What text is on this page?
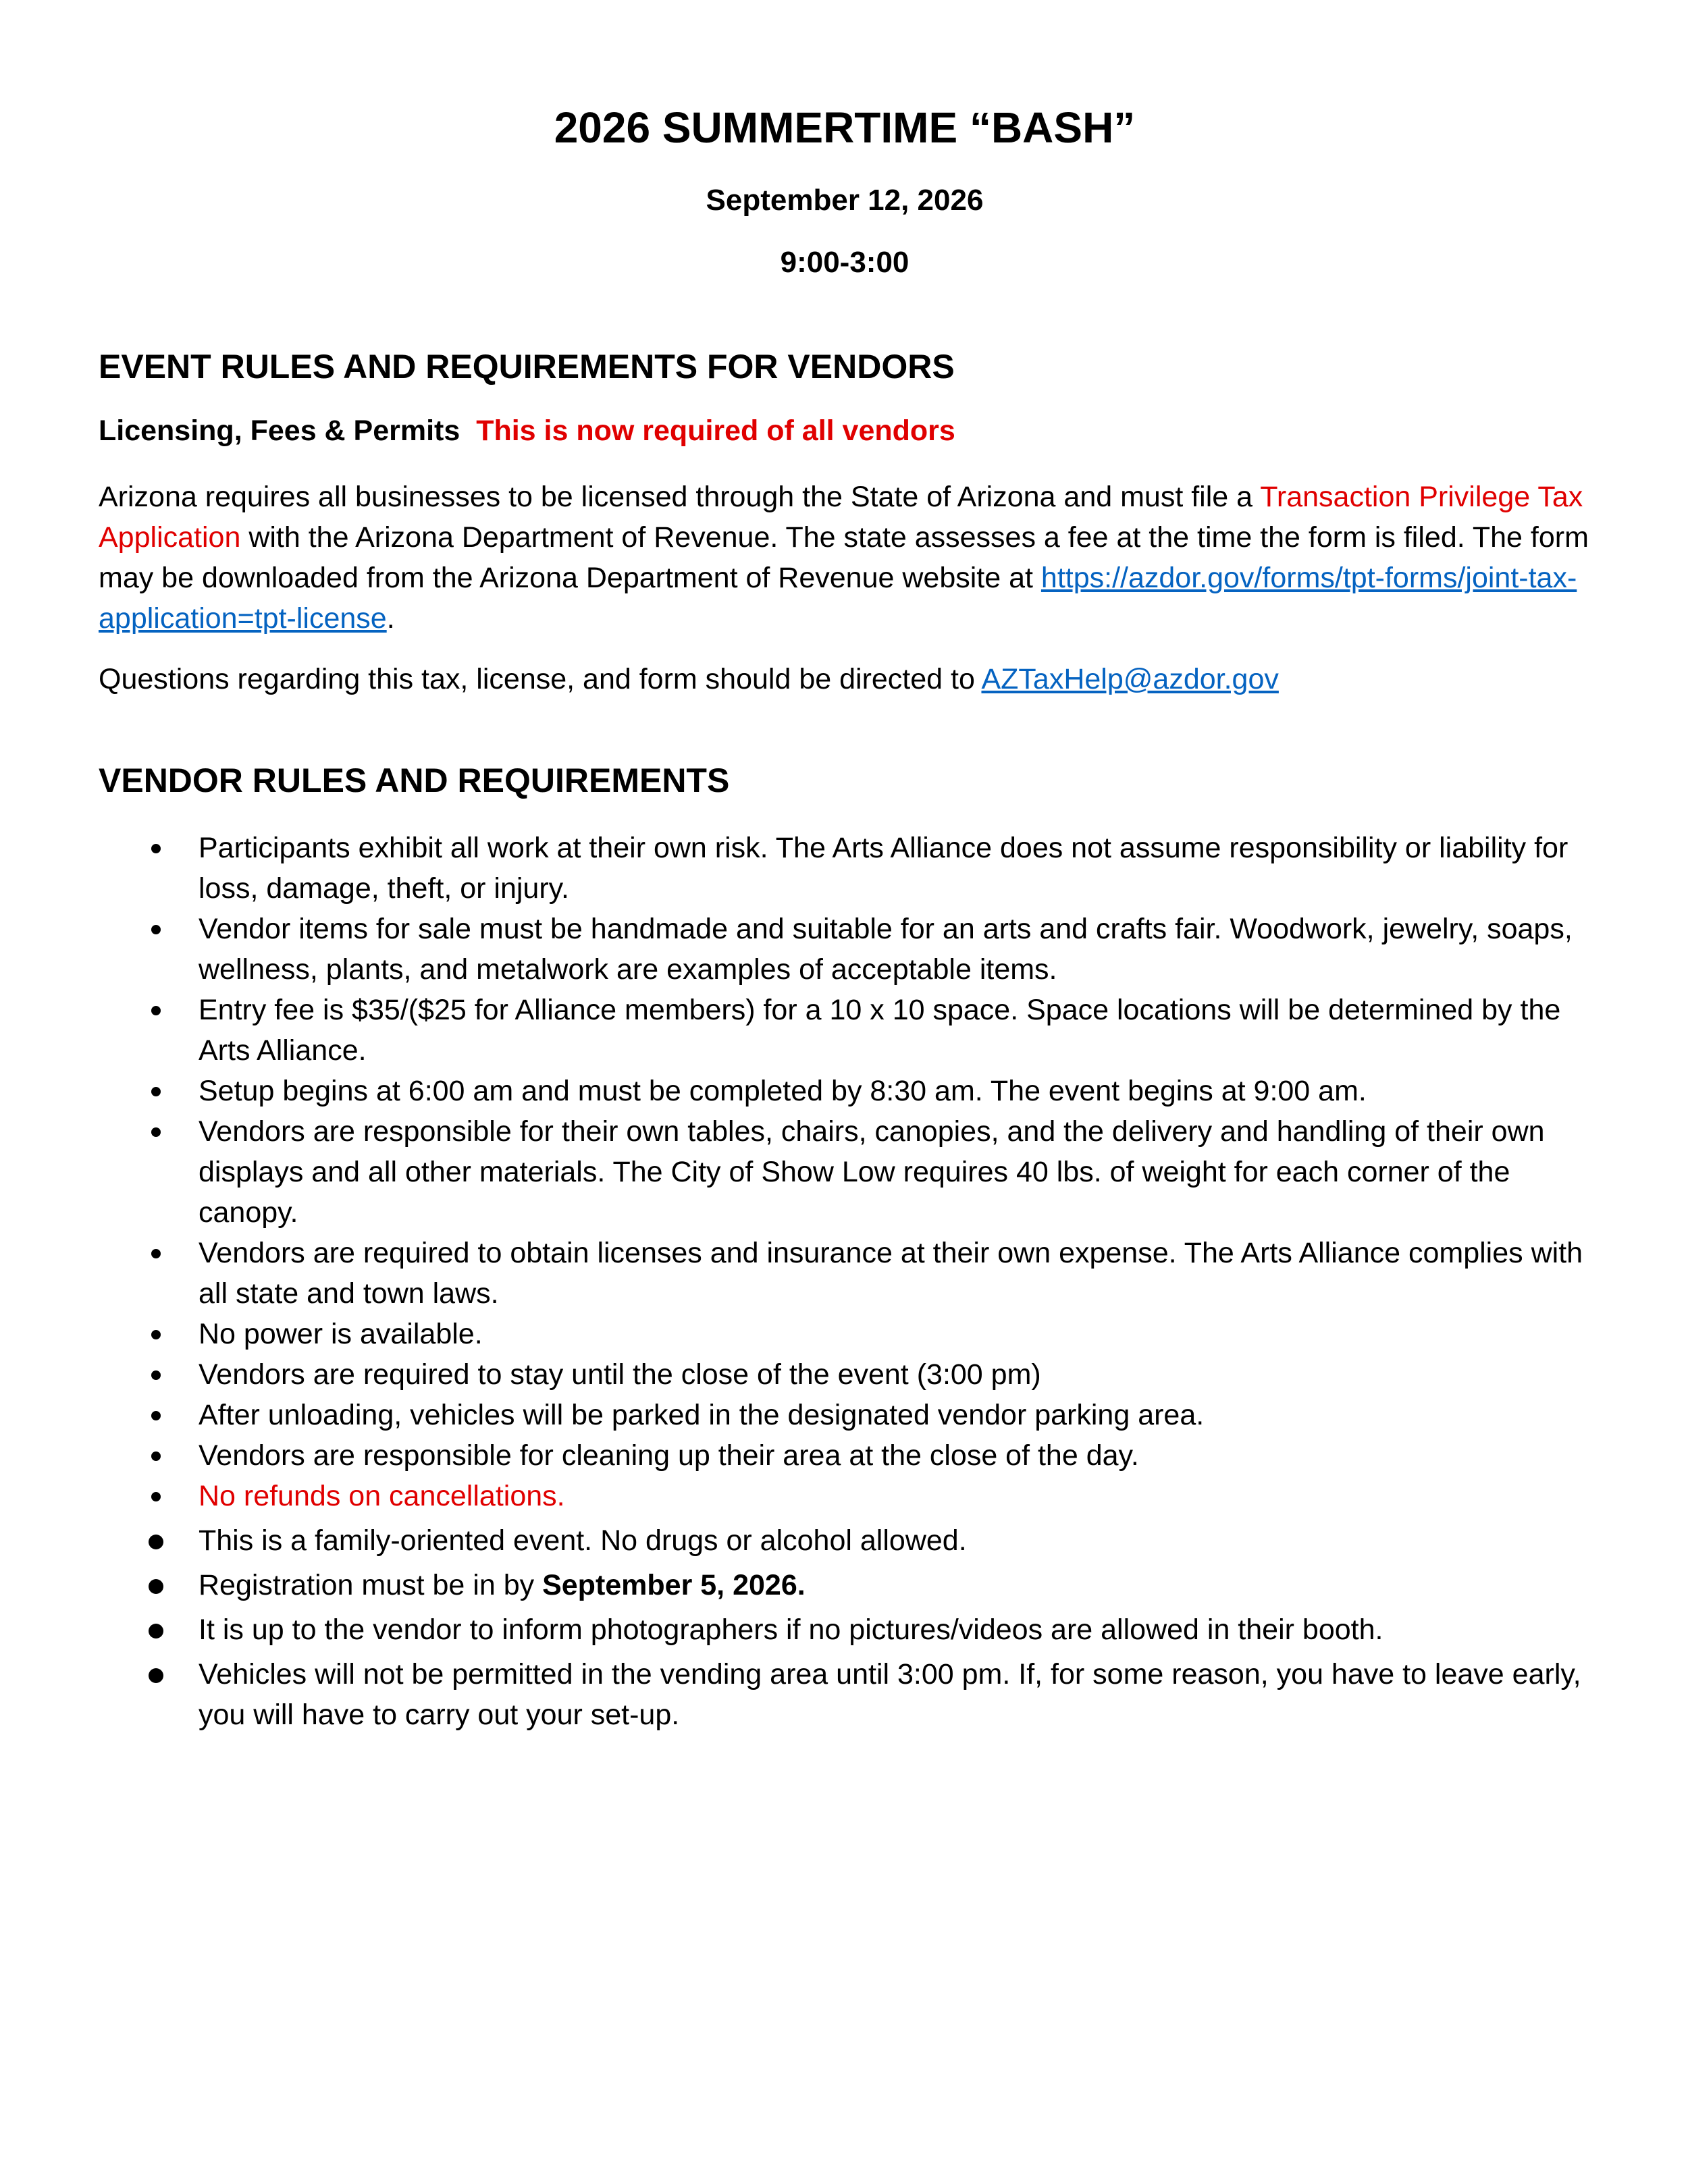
2026 SUMMERTIME “BASH”

September 12, 2026

9:00-3:00

EVENT RULES AND REQUIREMENTS FOR VENDORS

Licensing, Fees & Permits This is now required of all vendors

Arizona requires all businesses to be licensed through the State of Arizona and must file a Transaction Privilege Tax Application with the Arizona Department of Revenue. The state assesses a fee at the time the form is filed. The form may be downloaded from the Arizona Department of Revenue website at https://azdor.gov/forms/tpt-forms/joint-tax-application=tpt-license.

Questions regarding this tax, license, and form should be directed to AZTaxHelp@azdor.gov

VENDOR RULES AND REQUIREMENTS
Participants exhibit all work at their own risk. The Arts Alliance does not assume responsibility or liability for loss, damage, theft, or injury.
Vendor items for sale must be handmade and suitable for an arts and crafts fair. Woodwork, jewelry, soaps, wellness, plants, and metalwork are examples of acceptable items.
Entry fee is $35/($25 for Alliance members) for a 10 x 10 space. Space locations will be determined by the Arts Alliance.
Setup begins at 6:00 am and must be completed by 8:30 am. The event begins at 9:00 am.
Vendors are responsible for their own tables, chairs, canopies, and the delivery and handling of their own displays and all other materials. The City of Show Low requires 40 lbs. of weight for each corner of the canopy.
Vendors are required to obtain licenses and insurance at their own expense. The Arts Alliance complies with all state and town laws.
No power is available.
Vendors are required to stay until the close of the event (3:00 pm)
After unloading, vehicles will be parked in the designated vendor parking area.
Vendors are responsible for cleaning up their area at the close of the day.
No refunds on cancellations.
This is a family-oriented event. No drugs or alcohol allowed.
Registration must be in by September 5, 2026.
It is up to the vendor to inform photographers if no pictures/videos are allowed in their booth.
Vehicles will not be permitted in the vending area until 3:00 pm. If, for some reason, you have to leave early, you will have to carry out your set-up.
